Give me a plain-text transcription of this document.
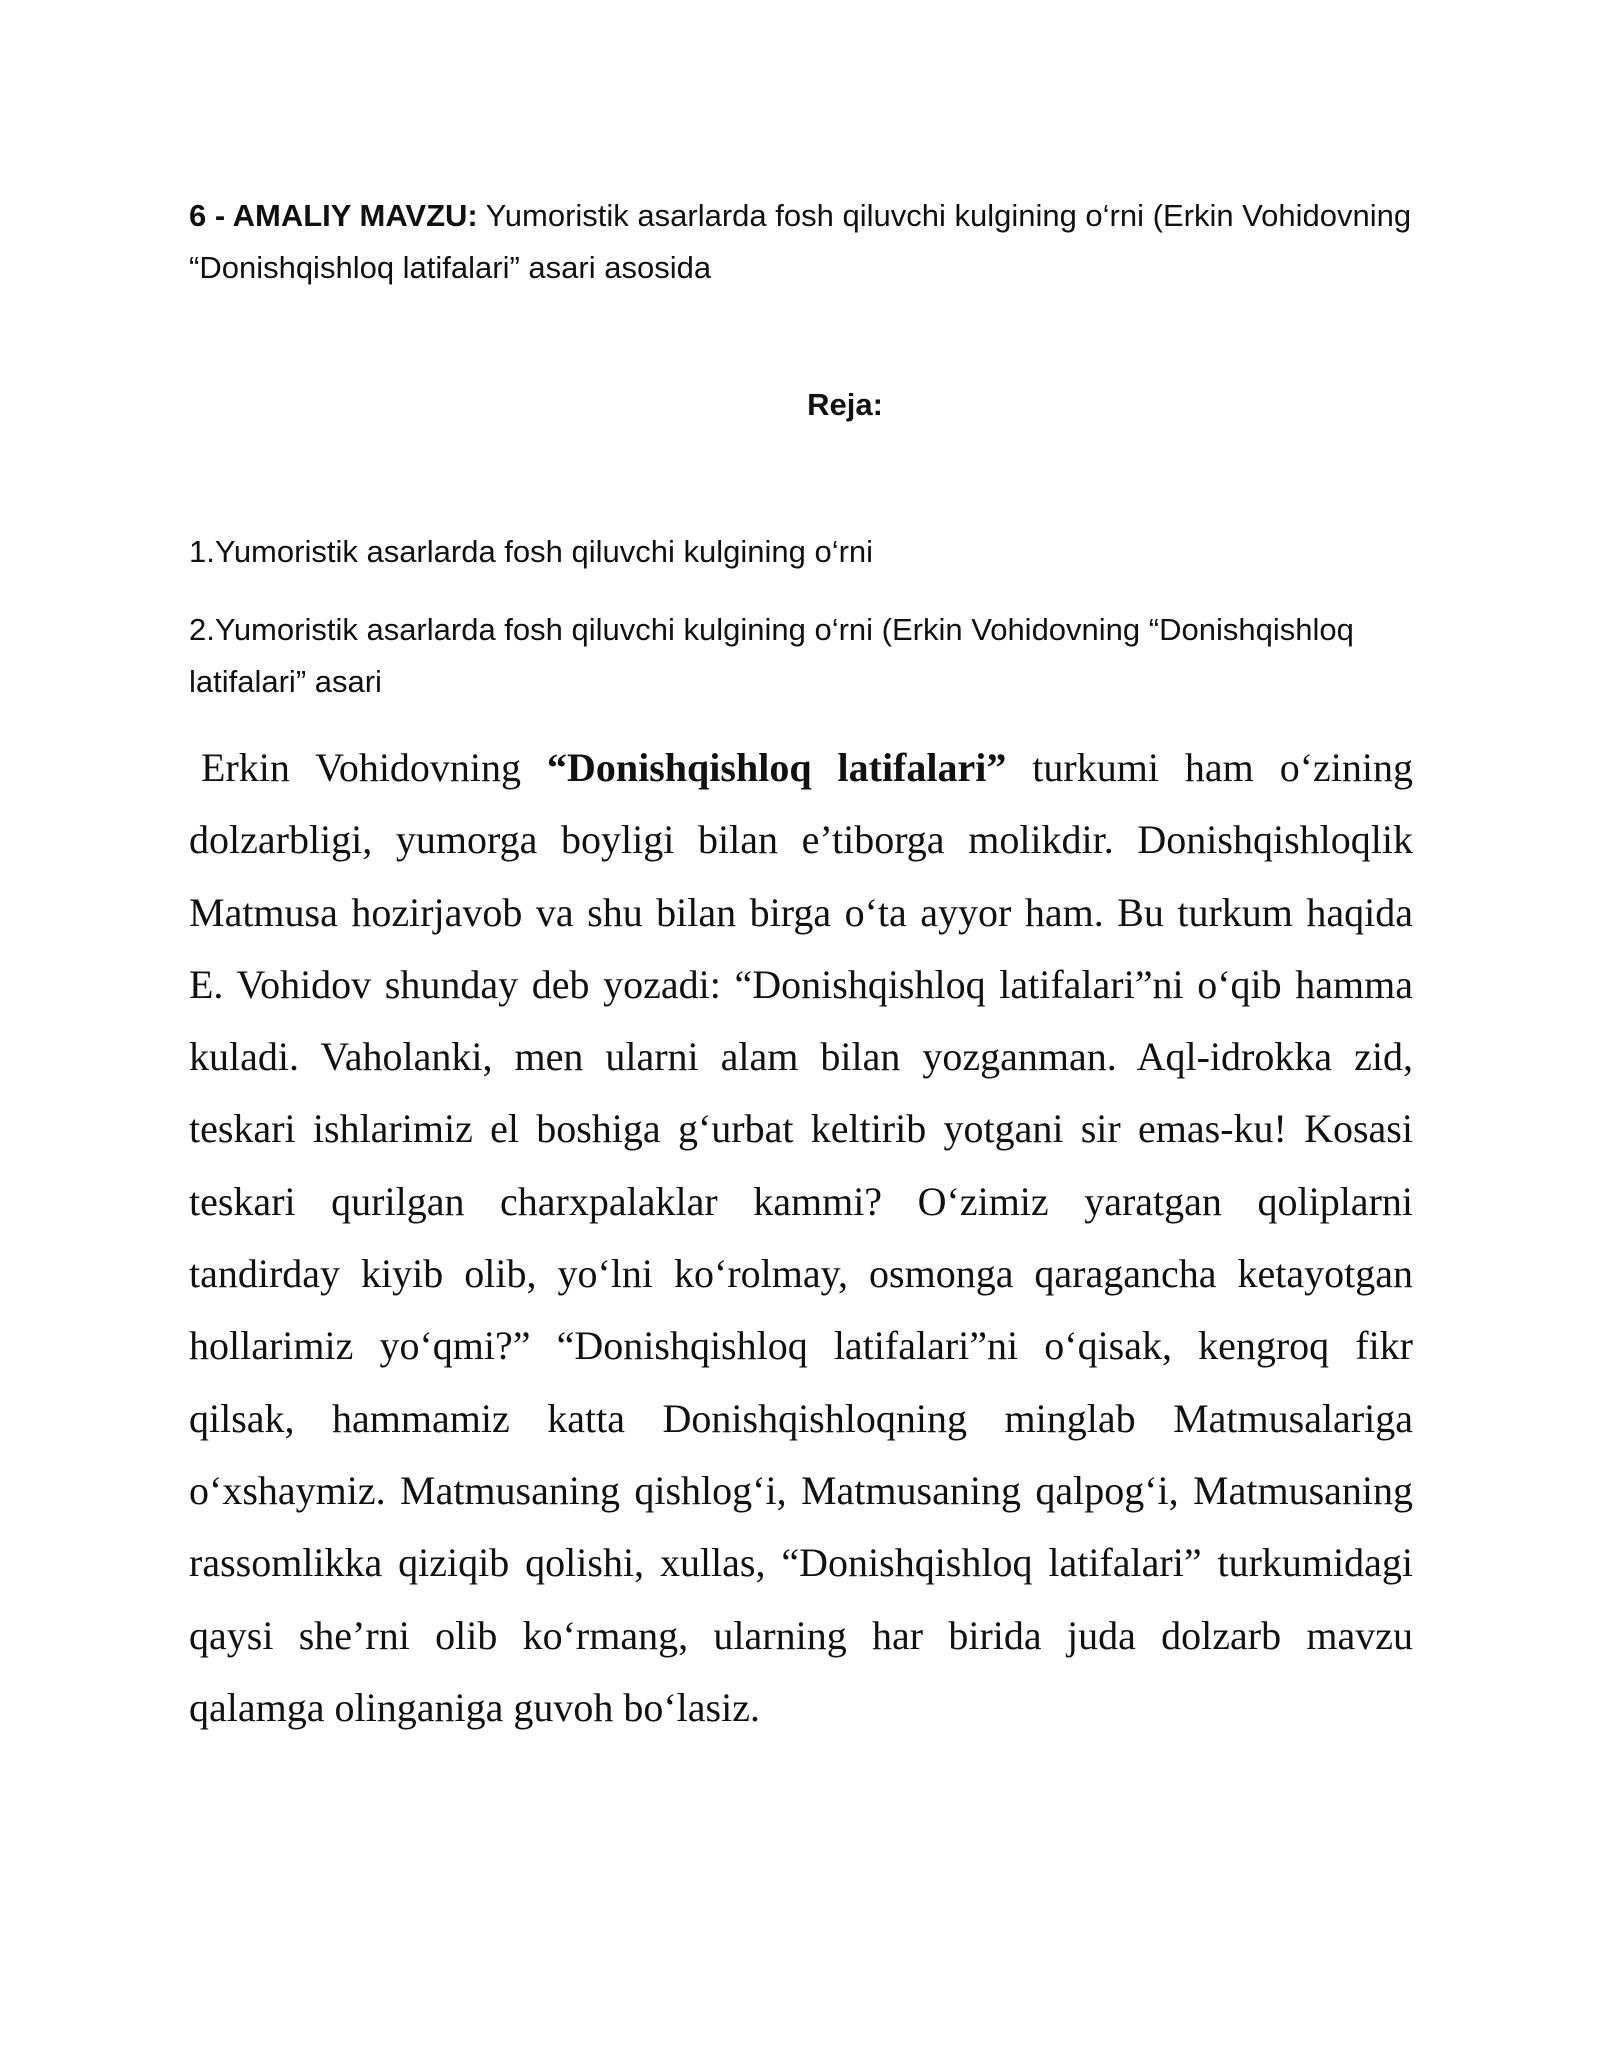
6 - AMALIY MAVZU: Yumoristik asarlarda fosh qiluvchi kulgining o‘rni (Erkin Vohidovning “Donishqishloq latifalari” asari asosida

Reja:

1.Yumoristik asarlarda fosh qiluvchi kulgining o‘rni

2.Yumoristik asarlarda fosh qiluvchi kulgining o‘rni (Erkin Vohidovning “Donishqishloq latifalari” asari

Erkin Vohidovning “Donishqishloq latifalari” turkumi ham o‘zining dolzarbligi, yumorga boyligi bilan e’tiborga molikdir. Donishqishloqlik Matmusa hozirjavob va shu bilan birga o‘ta ayyor ham. Bu turkum haqida E. Vohidov shunday deb yozadi: “Donishqishloq latifalari”ni o‘qib hamma kuladi. Vaholanki, men ularni alam bilan yozganman. Aql-idrokka zid, teskari ishlarimiz el boshiga g‘urbat keltirib yotgani sir emas-ku! Kosasi teskari qurilgan charxpalaklar kammi? O‘zimiz yaratgan qoliplarni tandirday kiyib olib, yo‘lni ko‘rolmay, osmonga qaragancha ketayotgan hollarimiz yo‘qmi?” “Donishqishloq latifalari”ni o‘qisak, kengroq fikr qilsak, hammamiz katta Donishqishloqning minglab Matmusalariga o‘xshaymiz. Matmusaning qishlog‘i, Matmusaning qalpog‘i, Matmusaning rassomlikka qiziqib qolishi, xullas, “Donishqishloq latifalari” turkumidagi qaysi she’rni olib ko‘rmang, ularning har birida juda dolzarb mavzu qalamga olinganiga guvoh bo‘lasiz.
